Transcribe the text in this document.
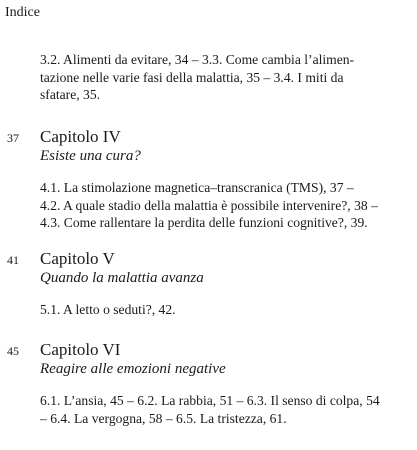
Indice
3.2. Alimenti da evitare, 34 – 3.3. Come cambia l’alimen-
tazione nelle varie fasi della malattia, 35 – 3.4. I miti da
sfatare, 35.
37 Capitolo IV
Esiste una cura?
4.1. La stimolazione magnetica–transcranica (TMS), 37 –
4.2. A quale stadio della malattia è possibile intervenire?, 38 –
4.3. Come rallentare la perdita delle funzioni cognitive?, 39.
41 Capitolo V
Quando la malattia avanza
5.1. A letto o seduti?, 42.
45 Capitolo VI
Reagire alle emozioni negative
6.1. L’ansia, 45 – 6.2. La rabbia, 51 – 6.3. Il senso di colpa, 54
– 6.4. La vergogna, 58 – 6.5. La tristezza, 61.
